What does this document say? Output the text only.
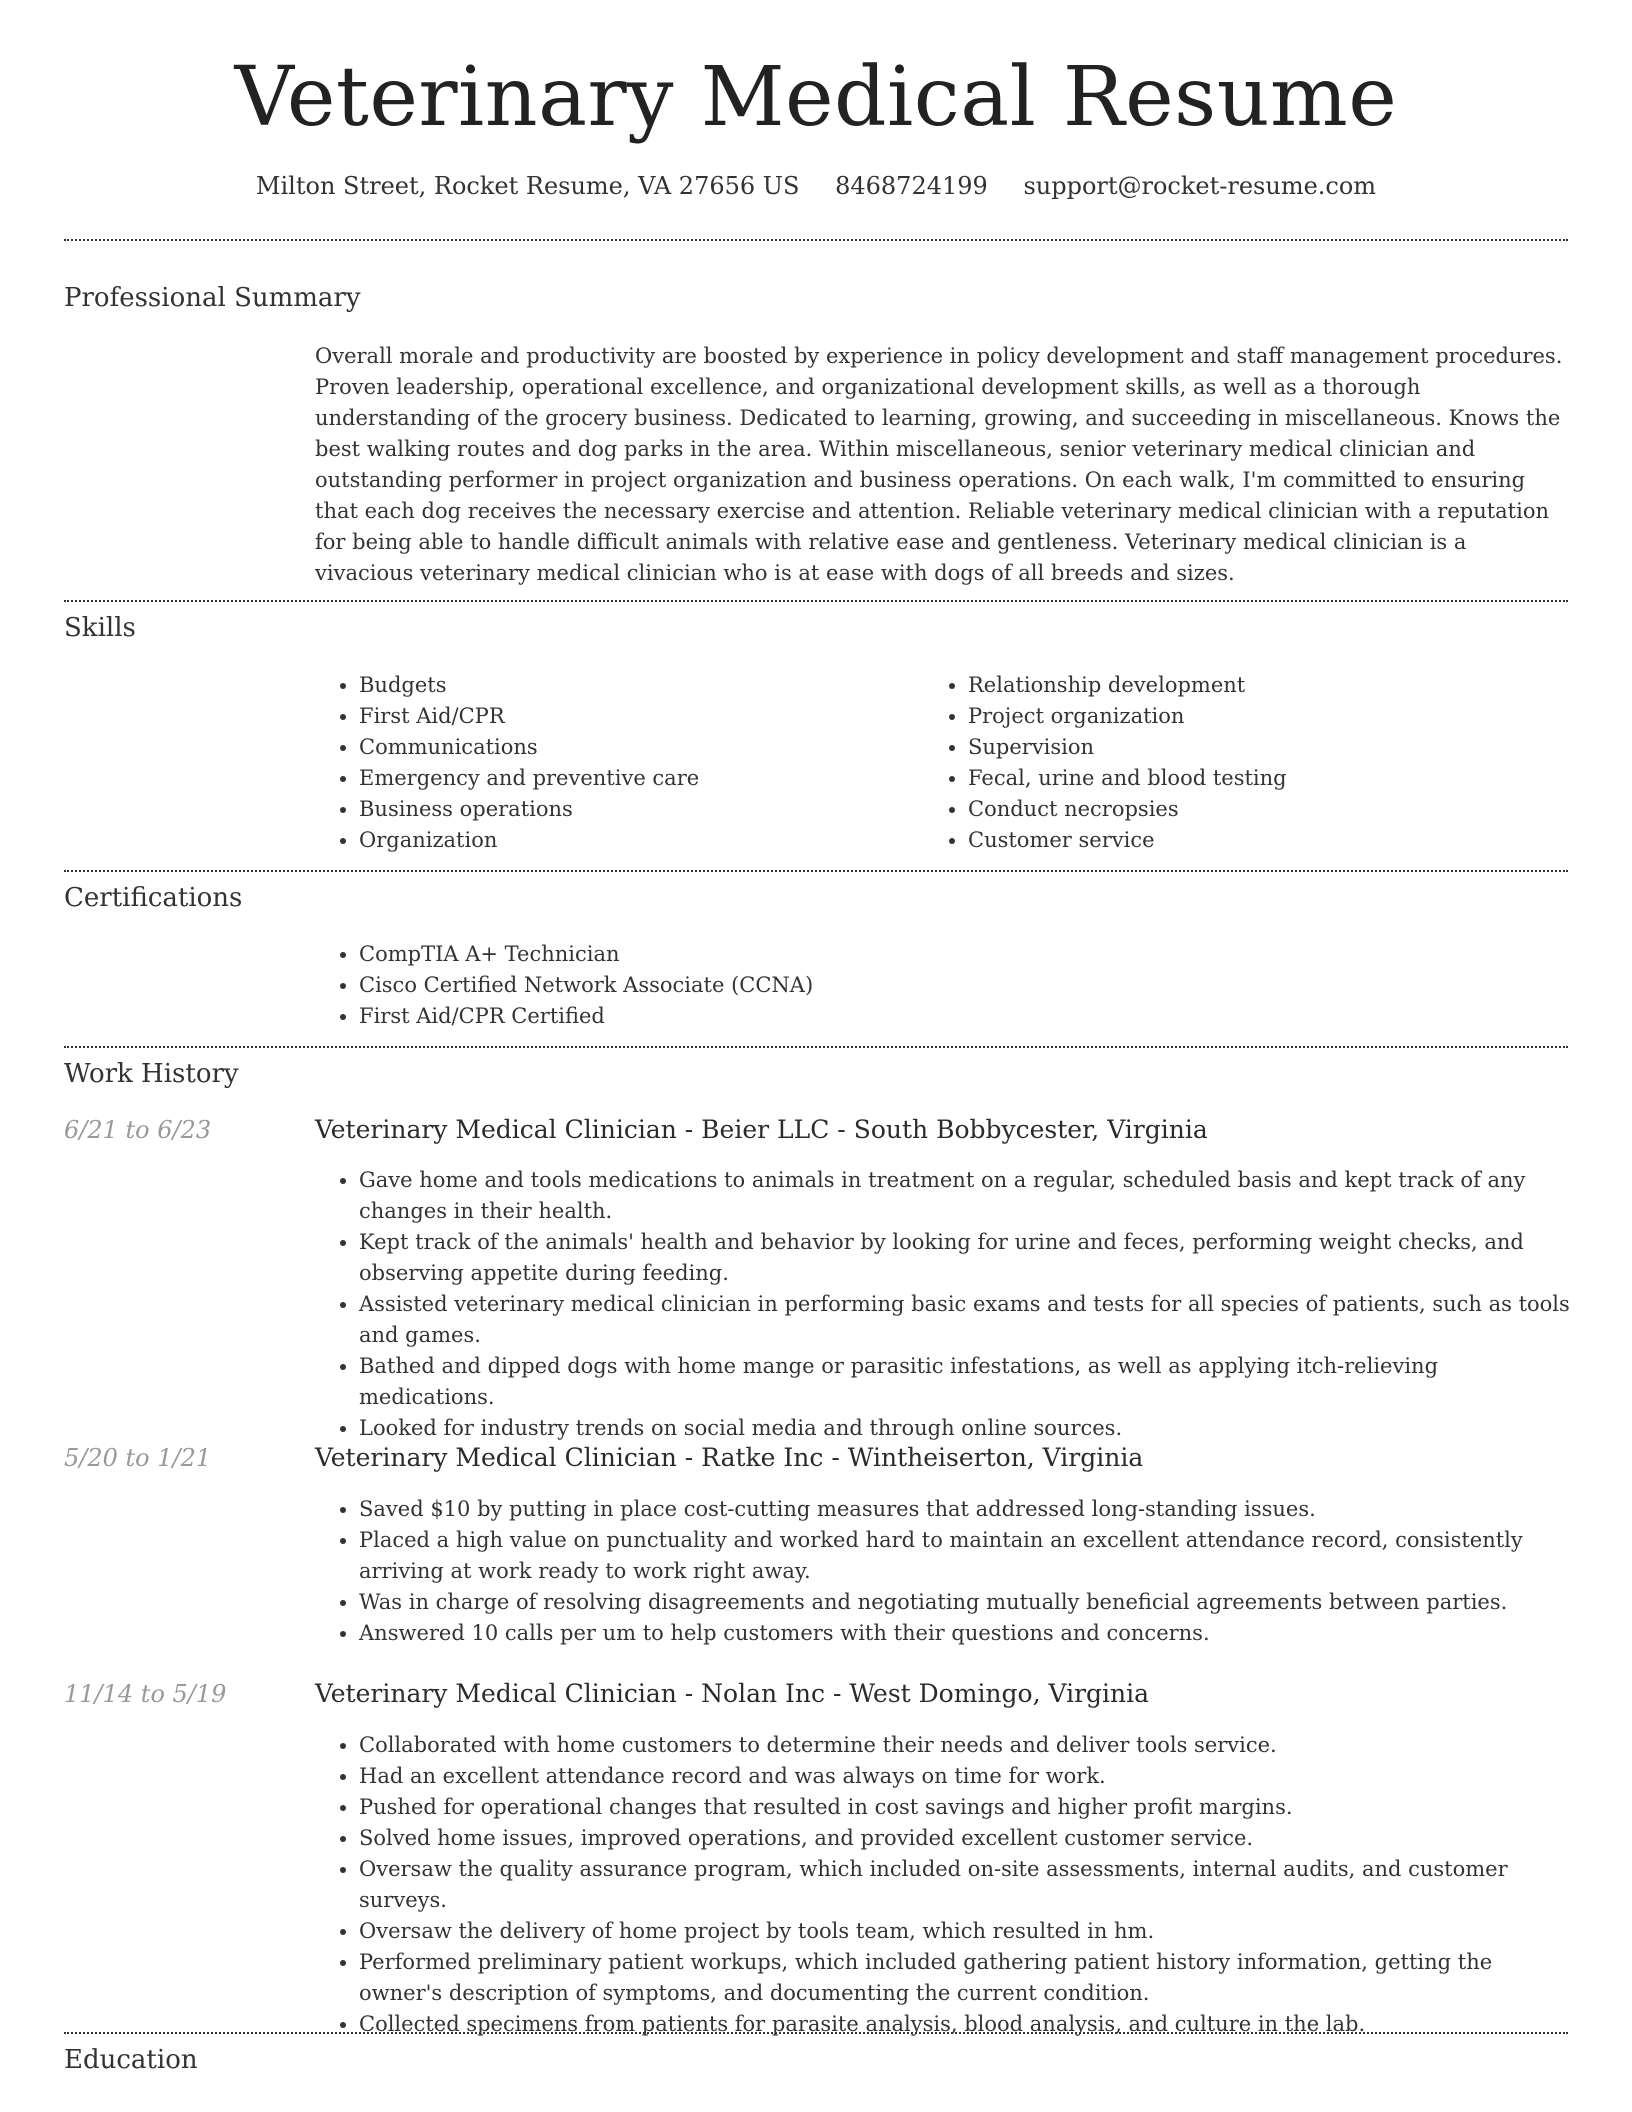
Veterinary Medical Resume
Milton Street, Rocket Resume, VA 27656 US 8468724199 support@rocket-resume.com
Professional Summary

Overall morale and productivity are boosted by experience in policy development and staff management procedures. Proven leadership, operational excellence, and organizational development skills, as well as a thorough understanding of the grocery business. Dedicated to learning, growing, and succeeding in miscellaneous. Knows the best walking routes and dog parks in the area. Within miscellaneous, senior veterinary medical clinician and outstanding performer in project organization and business operations. On each walk, I'm committed to ensuring that each dog receives the necessary exercise and attention. Reliable veterinary medical clinician with a reputation for being able to handle difficult animals with relative ease and gentleness. Veterinary medical clinician is a vivacious veterinary medical clinician who is at ease with dogs of all breeds and sizes.

Skills
• Budgets
• First Aid/CPR
• Communications
• Emergency and preventive care
• Business operations
• Organization
• Relationship development
• Project organization
• Supervision
• Fecal, urine and blood testing
• Conduct necropsies
• Customer service
Certifications
• CompTIA A+ Technician
• Cisco Certified Network Associate (CCNA)
• First Aid/CPR Certified
Work History
6/21 to 6/23	Veterinary Medical Clinician - Beier LLC - South Bobbycester, Virginia
• Gave home and tools medications to animals in treatment on a regular, scheduled basis and kept track of any changes in their health.
• Kept track of the animals' health and behavior by looking for urine and feces, performing weight checks, and observing appetite during feeding.
• Assisted veterinary medical clinician in performing basic exams and tests for all species of patients, such as tools and games.
• Bathed and dipped dogs with home mange or parasitic infestations, as well as applying itch-relieving medications.
• Looked for industry trends on social media and through online sources.
5/20 to 1/21	Veterinary Medical Clinician - Ratke Inc - Wintheiserton, Virginia
• Saved $10 by putting in place cost-cutting measures that addressed long-standing issues.
• Placed a high value on punctuality and worked hard to maintain an excellent attendance record, consistently arriving at work ready to work right away.
• Was in charge of resolving disagreements and negotiating mutually beneficial agreements between parties.
• Answered 10 calls per um to help customers with their questions and concerns.
11/14 to 5/19	Veterinary Medical Clinician - Nolan Inc - West Domingo, Virginia
• Collaborated with home customers to determine their needs and deliver tools service.
• Had an excellent attendance record and was always on time for work.
• Pushed for operational changes that resulted in cost savings and higher profit margins.
• Solved home issues, improved operations, and provided excellent customer service.
• Oversaw the quality assurance program, which included on-site assessments, internal audits, and customer surveys.
• Oversaw the delivery of home project by tools team, which resulted in hm.
• Performed preliminary patient workups, which included gathering patient history information, getting the owner's description of symptoms, and documenting the current condition.
• Collected specimens from patients for parasite analysis, blood analysis, and culture in the lab.
Education
